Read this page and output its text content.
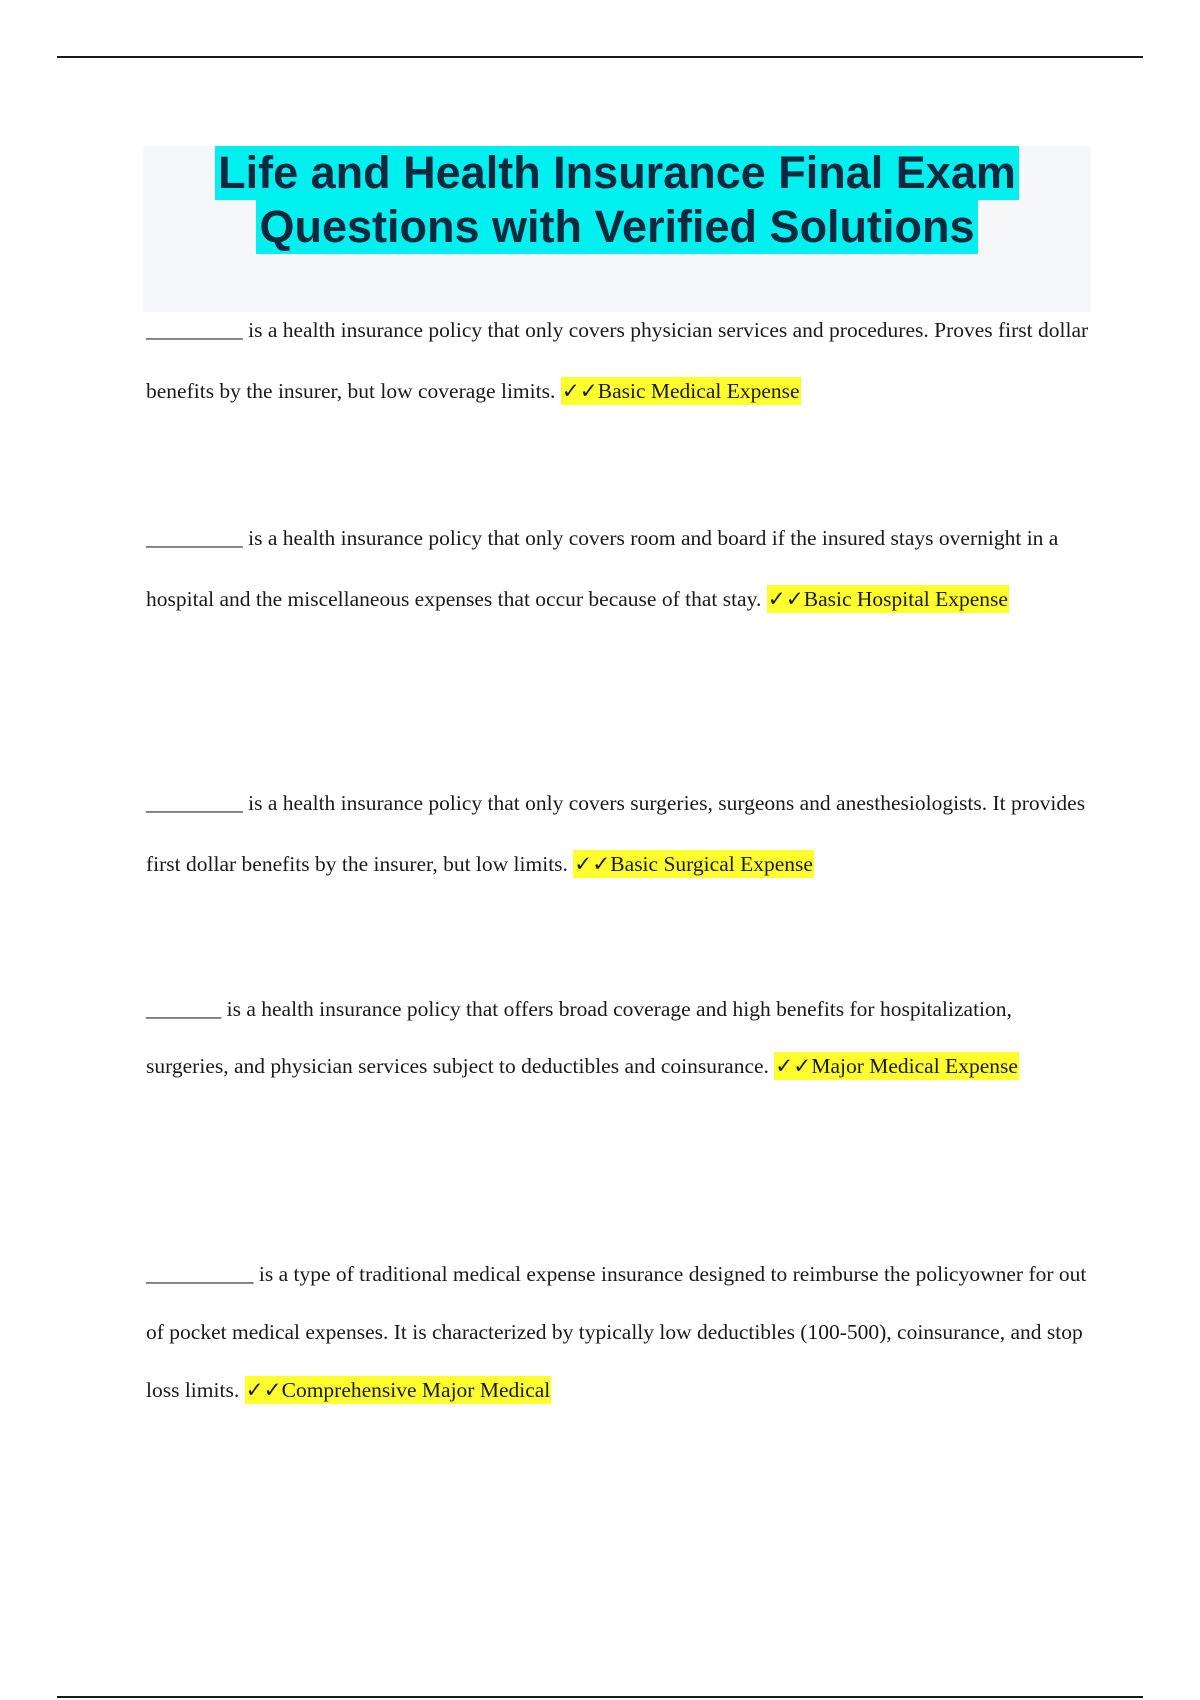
Life and Health Insurance Final Exam
Questions with Verified Solutions

_________ is a health insurance policy that only covers physician services and procedures. Proves first dollar benefits by the insurer, but low coverage limits. ✓✓Basic Medical Expense

_________ is a health insurance policy that only covers room and board if the insured stays overnight in a hospital and the miscellaneous expenses that occur because of that stay. ✓✓Basic Hospital Expense

_________ is a health insurance policy that only covers surgeries, surgeons and anesthesiologists. It provides first dollar benefits by the insurer, but low limits. ✓✓Basic Surgical Expense

_______ is a health insurance policy that offers broad coverage and high benefits for hospitalization, surgeries, and physician services subject to deductibles and coinsurance. ✓✓Major Medical Expense

__________ is a type of traditional medical expense insurance designed to reimburse the policyowner for out of pocket medical expenses. It is characterized by typically low deductibles (100-500), coinsurance, and stop loss limits. ✓✓Comprehensive Major Medical
